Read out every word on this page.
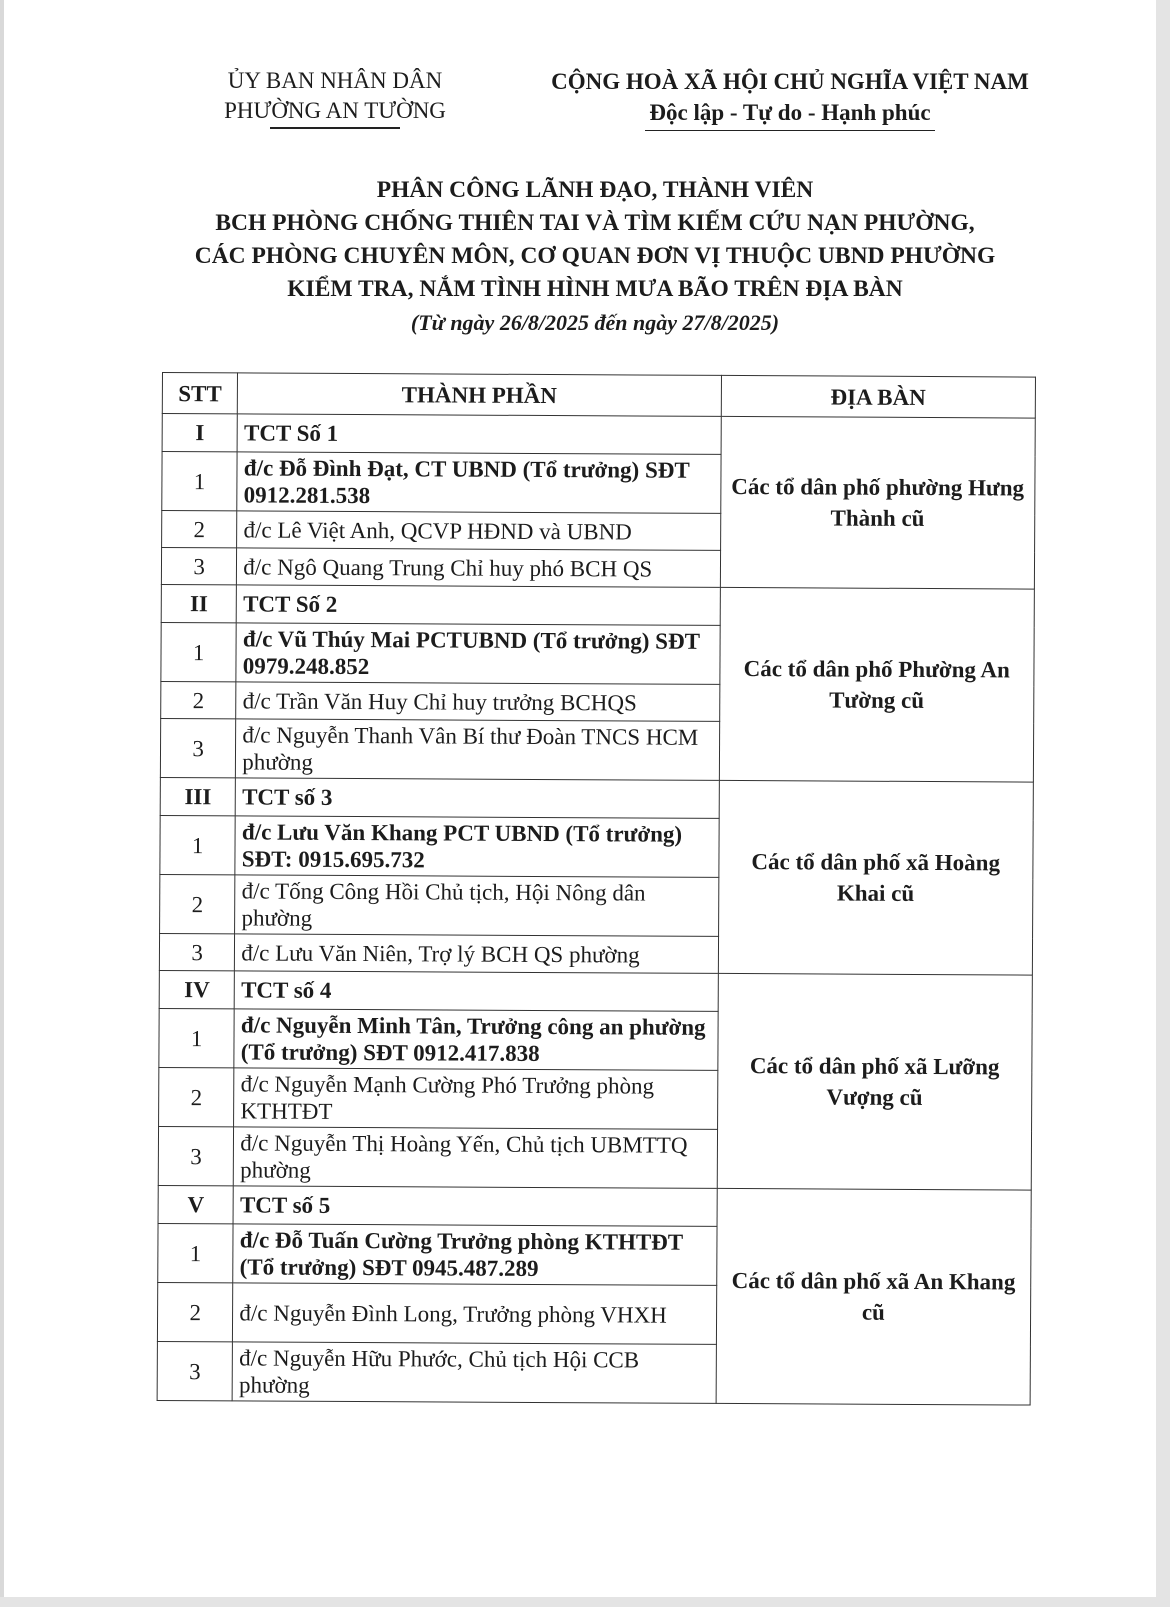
ỦY BAN NHÂN DÂN
PHƯỜNG AN TƯỜNG
CỘNG HOÀ XÃ HỘI CHỦ NGHĨA VIỆT NAM
Độc lập - Tự do - Hạnh phúc
PHÂN CÔNG LÃNH ĐẠO, THÀNH VIÊN
BCH PHÒNG CHỐNG THIÊN TAI VÀ TÌM KIẾM CỨU NẠN PHƯỜNG,
CÁC PHÒNG CHUYÊN MÔN, CƠ QUAN ĐƠN VỊ THUỘC UBND PHƯỜNG
KIỂM TRA, NẮM TÌNH HÌNH MƯA BÃO TRÊN ĐỊA BÀN
(Từ ngày 26/8/2025 đến ngày 27/8/2025)
STT	THÀNH PHẦN	ĐỊA BÀN
I	TCT Số 1	Các tổ dân phố phường Hưng Thành cũ
1	đ/c Đỗ Đình Đạt, CT UBND (Tổ trưởng) SĐT 0912.281.538	
2	đ/c Lê Việt Anh, QCVP HĐND và UBND	
3	đ/c Ngô Quang Trung Chỉ huy phó BCH QS	
II	TCT Số 2	Các tổ dân phố Phường An Tường cũ
1	đ/c Vũ Thúy Mai PCTUBND (Tổ trưởng) SĐT 0979.248.852	
2	đ/c Trần Văn Huy Chỉ huy trưởng BCHQS	
3	đ/c Nguyễn Thanh Vân Bí thư Đoàn TNCS HCM phường	
III	TCT số 3	Các tổ dân phố xã Hoàng Khai cũ
1	đ/c Lưu Văn Khang PCT UBND (Tổ trưởng) SĐT: 0915.695.732	
2	đ/c Tống Công Hồi Chủ tịch, Hội Nông dân phường	
3	đ/c Lưu Văn Niên, Trợ lý BCH QS phường	
IV	TCT số 4	Các tổ dân phố xã Lưỡng Vượng cũ
1	đ/c Nguyễn Minh Tân, Trưởng công an phường (Tổ trưởng) SĐT 0912.417.838	
2	đ/c Nguyễn Mạnh Cường Phó Trưởng phòng KTHTĐT	
3	đ/c Nguyễn Thị Hoàng Yến, Chủ tịch UBMTTQ phường	
V	TCT số 5	Các tổ dân phố xã An Khang cũ
1	đ/c Đỗ Tuấn Cường Trưởng phòng KTHTĐT (Tổ trưởng) SĐT 0945.487.289	
2	đ/c Nguyễn Đình Long, Trưởng phòng VHXH	
3	đ/c Nguyễn Hữu Phước, Chủ tịch Hội CCB phường	
